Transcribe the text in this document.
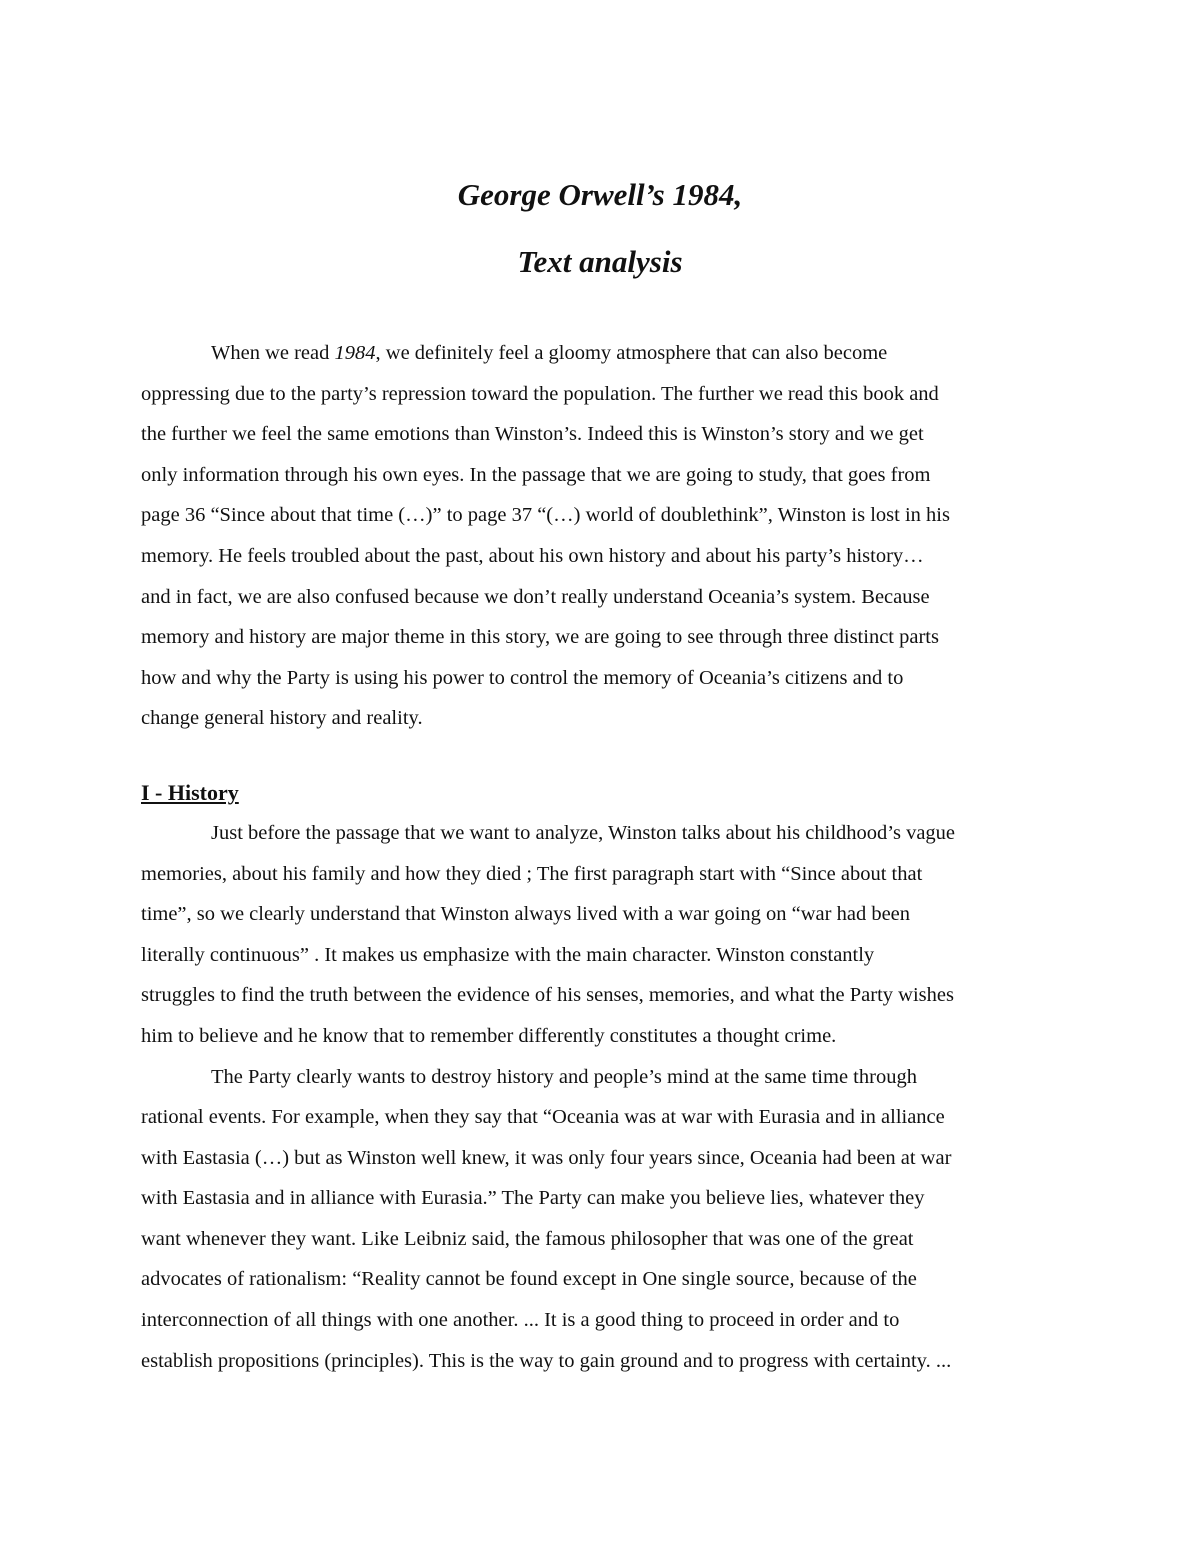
George Orwell’s 1984,

Text analysis

When we read 1984, we definitely feel a gloomy atmosphere that can also become
oppressing due to the party’s repression toward the population. The further we read this book and
the further we feel the same emotions than Winston’s. Indeed this is Winston’s story and we get
only information through his own eyes. In the passage that we are going to study, that goes from
page 36 “Since about that time (…)” to page 37 “(…) world of doublethink”, Winston is lost in his
memory. He feels troubled about the past, about his own history and about his party’s history…
and in fact, we are also confused because we don’t really understand Oceania’s system. Because
memory and history are major theme in this story, we are going to see through three distinct parts
how and why the Party is using his power to control the memory of Oceania’s citizens and to
change general history and reality.
I - History
Just before the passage that we want to analyze, Winston talks about his childhood’s vague
memories, about his family and how they died ; The first paragraph start with “Since about that
time”, so we clearly understand that Winston always lived with a war going on “war had been
literally continuous” . It makes us emphasize with the main character. Winston constantly
struggles to find the truth between the evidence of his senses, memories, and what the Party wishes
him to believe and he know that to remember differently constitutes a thought crime.
The Party clearly wants to destroy history and people’s mind at the same time through
rational events. For example, when they say that “Oceania was at war with Eurasia and in alliance
with Eastasia (…) but as Winston well knew, it was only four years since, Oceania had been at war
with Eastasia and in alliance with Eurasia.” The Party can make you believe lies, whatever they
want whenever they want. Like Leibniz said, the famous philosopher that was one of the great
advocates of rationalism: “Reality cannot be found except in One single source, because of the
interconnection of all things with one another. ... It is a good thing to proceed in order and to
establish propositions (principles). This is the way to gain ground and to progress with certainty. ...
